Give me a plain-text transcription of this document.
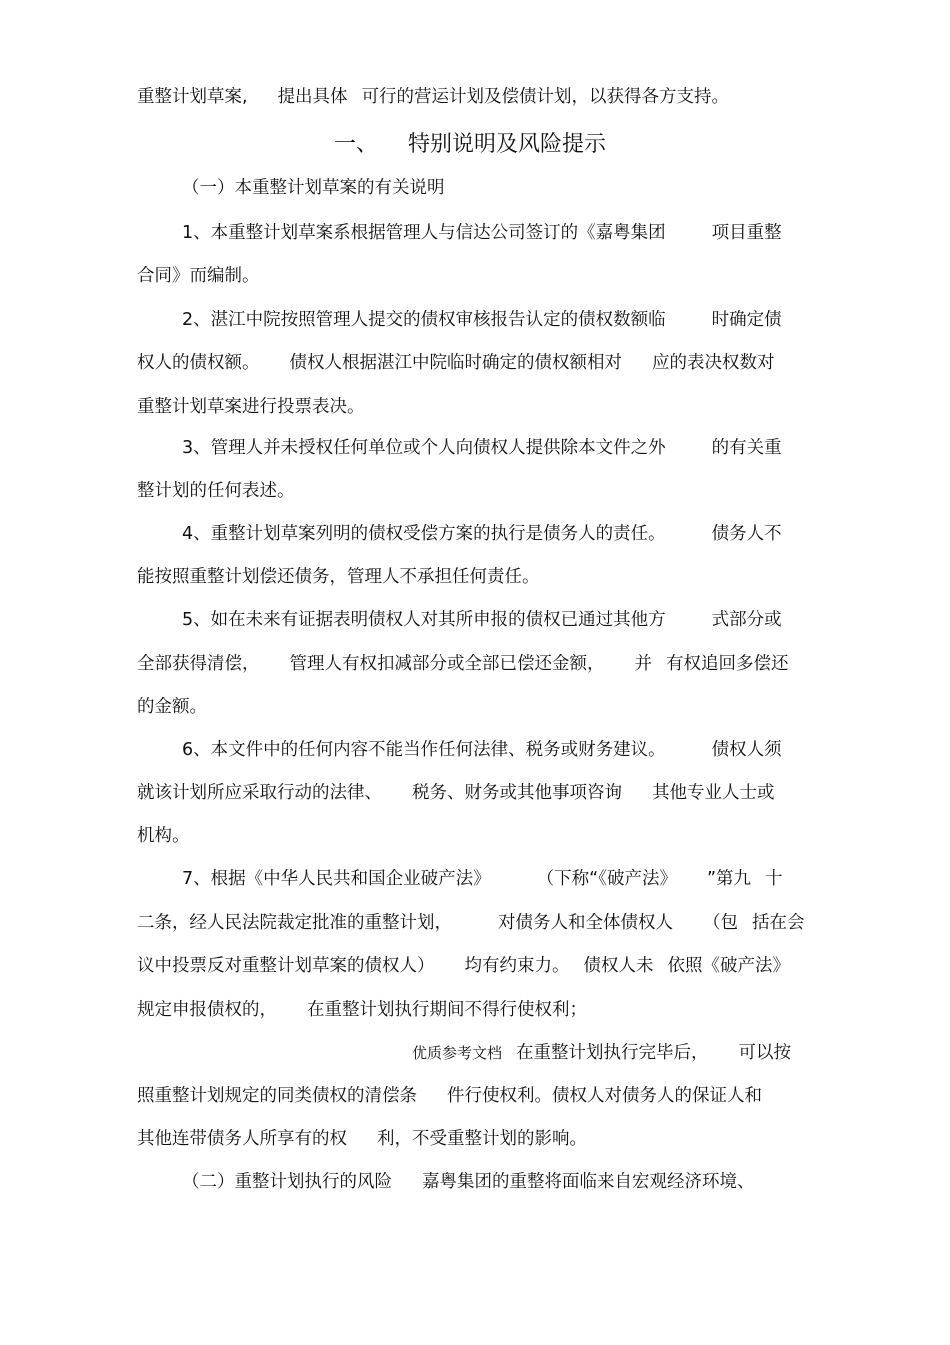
重整计划草案, 提出具体 可行的营运计划及偿债计划，以获得各方支持。
一、 特别说明及风险提示
（一）本重整计划草案的有关说明
1、本重整计划草案系根据管理人与信达公司签订的《嘉粤集团	项目重整
合同》而编制。
2、湛江中院按照管理人提交的债权审核报告认定的债权数额临	时确定债
权人的债权额。 债权人根据湛江中院临时确定的债权额相对 应的表决权数对
重整计划草案进行投票表决。
3、管理人并未授权任何单位或个人向债权人提供除本文件之外	的有关重
整计划的任何表述。
4、重整计划草案列明的债权受偿方案的执行是债务人的责任。	债务人不
能按照重整计划偿还债务，管理人不承担任何责任。
5、如在未来有证据表明债权人对其所申报的债权已通过其他方	式部分或
全部获得清偿， 管理人有权扣减部分或全部已偿还金额， 并 有权追回多偿还
的金额。
6、本文件中的任何内容不能当作任何法律、税务或财务建议。	债权人须
就该计划所应采取行动的法律、 税务、财务或其他事项咨询 其他专业人士或
机构。
7、根据《中华人民共和国企业破产法》	（下称“《破产法》 ”第九 十
二条，经人民法院裁定批准的重整计划，	对债务人和全体债权人 （包 括在会
议中投票反对重整计划草案的债权人） 均有约束力。 债权人未 依照《破产法》
规定申报债权的， 在重整计划执行期间不得行使权利；
优质参考文档 在重整计划执行完毕后， 可以按
照重整计划规定的同类债权的清偿条 件行使权利。债权人对债务人的保证人和
其他连带债务人所享有的权 利，不受重整计划的影响。
（二）重整计划执行的风险 嘉粤集团的重整将面临来自宏观经济环境、
